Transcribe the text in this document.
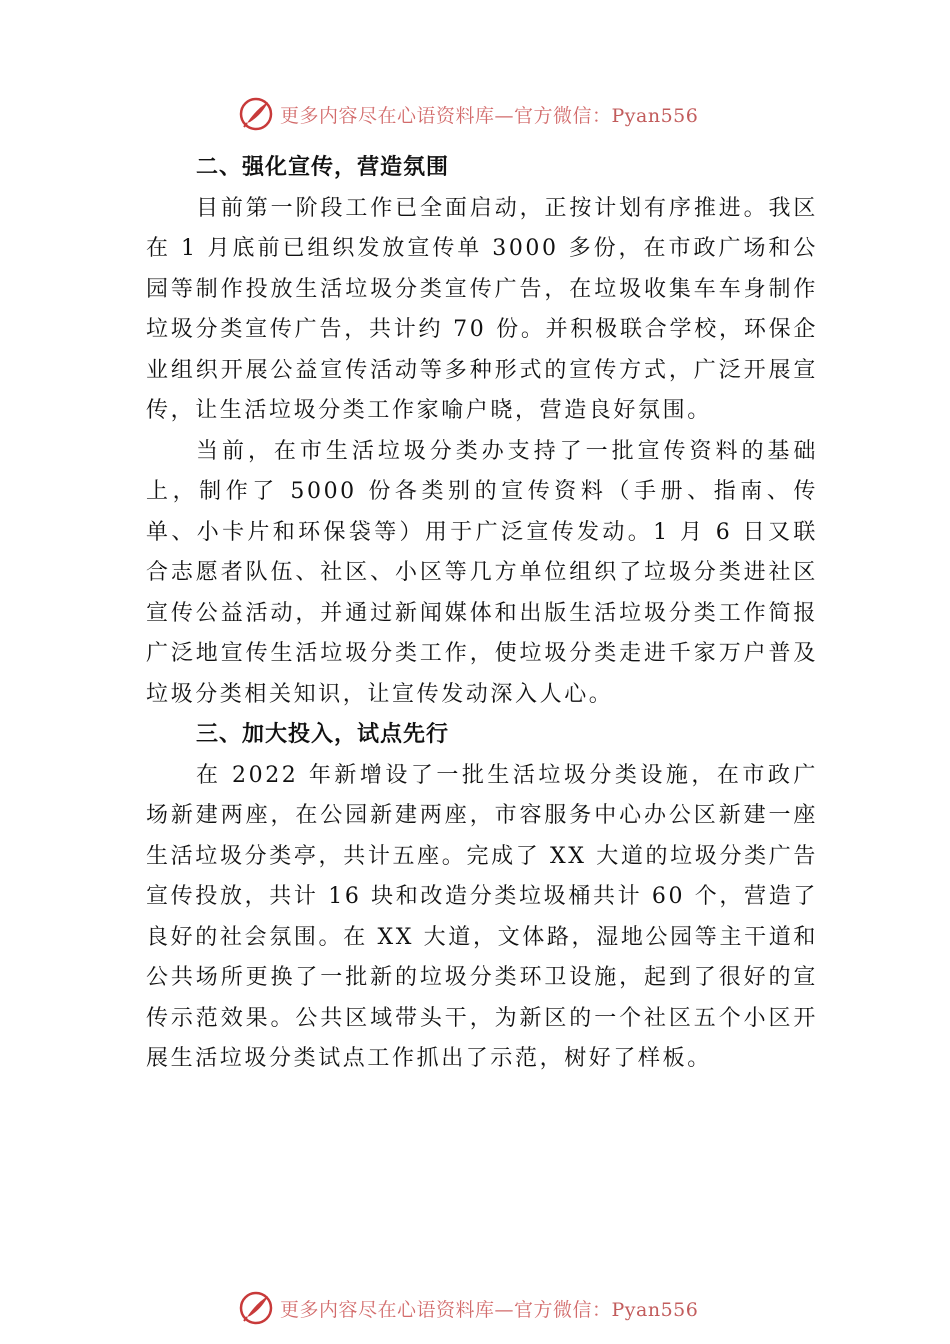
更多内容尽在心语资料库—官方微信：Pyan556

二、强化宣传，营造氛围

目前第一阶段工作已全面启动，正按计划有序推进。我区在 1 月底前已组织发放宣传单 3000 多份，在市政广场和公园等制作投放生活垃圾分类宣传广告，在垃圾收集车车身制作垃圾分类宣传广告，共计约 70 份。并积极联合学校，环保企业组织开展公益宣传活动等多种形式的宣传方式，广泛开展宣传，让生活垃圾分类工作家喻户晓，营造良好氛围。

当前，在市生活垃圾分类办支持了一批宣传资料的基础上，制作了 5000 份各类别的宣传资料（手册、指南、传单、小卡片和环保袋等）用于广泛宣传发动。1 月 6 日又联合志愿者队伍、社区、小区等几方单位组织了垃圾分类进社区宣传公益活动，并通过新闻媒体和出版生活垃圾分类工作简报广泛地宣传生活垃圾分类工作，使垃圾分类走进千家万户普及垃圾分类相关知识，让宣传发动深入人心。

三、加大投入，试点先行

在 2022 年新增设了一批生活垃圾分类设施，在市政广场新建两座，在公园新建两座，市容服务中心办公区新建一座生活垃圾分类亭，共计五座。完成了 XX 大道的垃圾分类广告宣传投放，共计 16 块和改造分类垃圾桶共计 60 个，营造了良好的社会氛围。在 XX 大道，文体路，湿地公园等主干道和公共场所更换了一批新的垃圾分类环卫设施，起到了很好的宣传示范效果。公共区域带头干，为新区的一个社区五个小区开展生活垃圾分类试点工作抓出了示范，树好了样板。

更多内容尽在心语资料库—官方微信：Pyan556
